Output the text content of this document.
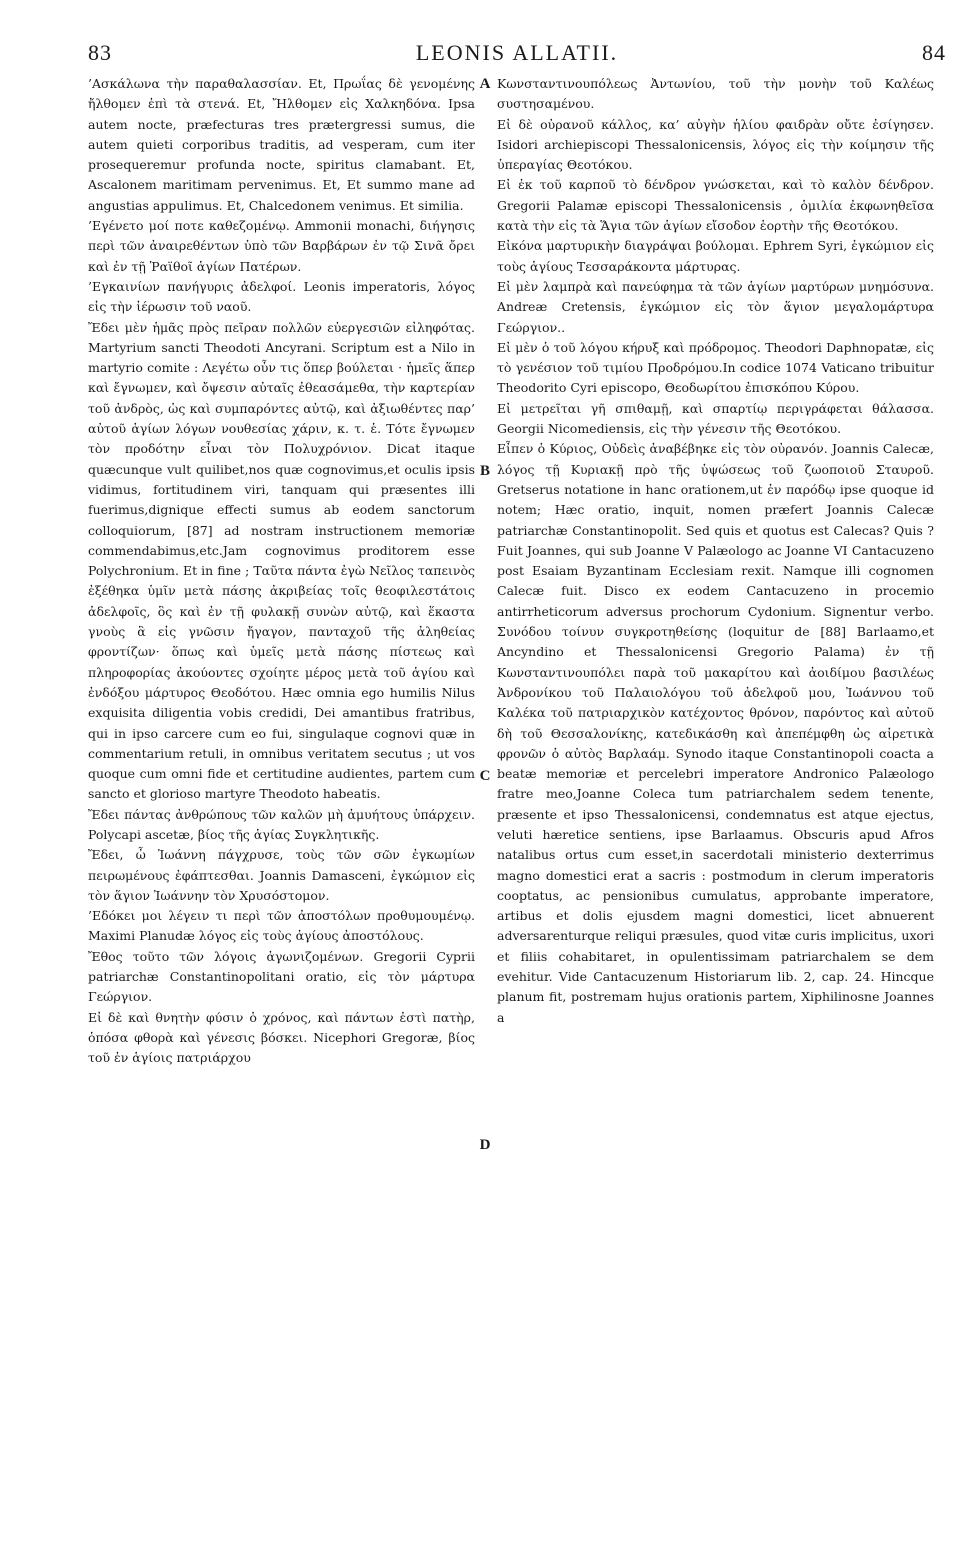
83	LEONIS ALLATII.	84

’Ασκάλωνα τὴν παραθαλασσίαν. Et, Πρωΐας δὲ γενομένης ἤλθομεν ἐπὶ τὰ στενά. Et, Ἤλθομεν εἰς Χαλκηδόνα. Ipsa autem nocte, præfecturas tres prætergressi sumus, die autem quieti corporibus traditis, ad vesperam, cum iter prosequeremur profunda nocte, spiritus clamabant. Et, Ascalonem maritimam pervenimus. Et, Et summo mane ad angustias appulimus. Et, Chalcedonem venimus. Et similia.

’Εγένετο μοί ποτε καθεζομένῳ. Ammonii monachi, διήγησις περὶ τῶν ἀναιρεθέντων ὑπὸ τῶν Βαρβάρων ἐν τῷ Σινᾶ ὄρει καὶ ἐν τῇ Ῥαϊθοῖ ἁγίων Πατέρων.

’Εγκαινίων πανήγυρις ἀδελφοί. Leonis imperatoris, λόγος εἰς τὴν ἱέρωσιν τοῦ ναοῦ.

Ἔδει μὲν ἡμᾶς πρὸς πεῖραν πολλῶν εὐεργεσιῶν εἰληφότας. Martyrium sancti Theodoti Ancyrani. Scriptum est a Nilo in martyrio comite : Λεγέτω οὖν τις ὅπερ βούλεται · ἡμεῖς ἅπερ καὶ ἔγνωμεν, καὶ ὄψεσιν αὐταῖς ἐθεασάμεθα, τὴν καρτερίαν τοῦ ἀνδρὸς, ὡς καὶ συμπαρόντες αὐτῷ, καὶ ἀξιωθέντες παρ’ αὐτοῦ ἁγίων λόγων νουθεσίας χάριν, κ. τ. ἑ. Τότε ἔγνωμεν τὸν προδότην εἶναι τὸν Πολυχρόνιον. Dicat itaque quæcunque vult quilibet,nos quæ cognovimus,et oculis ipsis vidimus, fortitudinem viri, tanquam qui præsentes illi fuerimus,dignique effecti sumus ab eodem sanctorum colloquiorum, [87] ad nostram instructionem memoriæ commendabimus,etc.Jam cognovimus proditorem esse Polychronium. Et in fine ; Ταῦτα πάντα ἐγὼ Νεῖλος ταπεινὸς ἐξέθηκα ὑμῖν μετὰ πάσης ἀκριβείας τοῖς θεοφιλεστάτοις ἀδελφοῖς, ὃς καὶ ἐν τῇ φυλακῇ συνὼν αὐτῷ, καὶ ἕκαστα γνοὺς ἃ εἰς γνῶσιν ἤγαγον, πανταχοῦ τῆς ἀληθείας φροντίζων· ὅπως καὶ ὑμεῖς μετὰ πάσης πίστεως καὶ πληροφορίας ἀκούοντες σχοίητε μέρος μετὰ τοῦ ἁγίου καὶ ἐνδόξου μάρτυρος Θεοδότου. Hæc omnia ego humilis Nilus exquisita diligentia vobis credidi, Dei amantibus fratribus, qui in ipso carcere cum eo fui, singulaque cognovi quæ in commentarium retuli, in omnibus veritatem secutus ; ut vos quoque cum omni fide et certitudine audientes, partem cum sancto et glorioso martyre Theodoto habeatis.

Ἔδει πάντας ἀνθρώπους τῶν καλῶν μὴ ἀμυήτους ὑπάρχειν. Polycapi ascetæ, βίος τῆς ἁγίας Συγκλητικῆς.

Ἔδει, ὦ Ἰωάννη πάγχρυσε, τοὺς τῶν σῶν ἐγκωμίων πειρωμένους ἐφάπτεσθαι. Joannis Damasceni, ἐγκώμιον εἰς τὸν ἅγιον Ἰωάννην τὸν Χρυσόστομον.

’Εδόκει μοι λέγειν τι περὶ τῶν ἀποστόλων προθυμουμένῳ. Maximi Planudæ λόγος εἰς τοὺς ἁγίους ἀποστόλους.

Ἔθος τοῦτο τῶν λόγοις ἀγωνιζομένων. Gregorii Cyprii patriarchæ Constantinopolitani oratio, εἰς τὸν μάρτυρα Γεώργιον.

Εἰ δὲ καὶ θνητὴν φύσιν ὁ χρόνος, καὶ πάντων ἐστὶ πατὴρ, ὁπόσα φθορὰ καὶ γένεσις βόσκει. Nicephori Gregoræ, βίος τοῦ ἐν ἁγίοις πατριάρχου

A
B
C
D

Κωνσταντινουπόλεως Ἀντωνίου, τοῦ τὴν μονὴν τοῦ Καλέως συστησαμένου.

Εἰ δὲ οὐρανοῦ κάλλος, κα’ αὐγὴν ἡλίου φαιδρὰν οὔτε ἐσίγησεν. Isidori archiepiscopi Thessalonicensis, λόγος εἰς τὴν κοίμησιν τῆς ὑπεραγίας Θεοτόκου.

Εἰ ἐκ τοῦ καρποῦ τὸ δένδρον γνώσκεται, καὶ τὸ καλὸν δένδρον. Gregorii Palamæ episcopi Thessalonicensis , ὁμιλία ἐκφωνηθεῖσα κατὰ τὴν εἰς τὰ Ἅγια τῶν ἁγίων εἴσοδον ἑορτὴν τῆς Θεοτόκου.

Εἰκόνα μαρτυρικὴν διαγράψαι βούλομαι. Ephrem Syri, ἐγκώμιον εἰς τοὺς ἁγίους Τεσσαράκοντα μάρτυρας.

Εἰ μὲν λαμπρὰ καὶ πανεύφημα τὰ τῶν ἁγίων μαρτύρων μνημόσυνα. Andreæ Cretensis, ἐγκώμιον εἰς τὸν ἅγιον μεγαλομάρτυρα Γεώργιον..

Εἰ μὲν ὁ τοῦ λόγου κήρυξ καὶ πρόδρομος. Theodori Daphnopatæ, εἰς τὸ γενέσιον τοῦ τιμίου Προδρόμου.In codice 1074 Vaticano tribuitur Theodorito Cyri episcopo, Θεοδωρίτου ἐπισκόπου Κύρου.

Εἰ μετρεῖται γῆ σπιθαμῇ, καὶ σπαρτίῳ περιγράφεται θάλασσα. Georgii Nicomediensis, εἰς τὴν γένεσιν τῆς Θεοτόκου.

Εἶπεν ὁ Κύριος, Οὐδεὶς ἀναβέβηκε εἰς τὸν οὐρανόν. Joannis Calecæ, λόγος τῇ Κυριακῇ πρὸ τῆς ὑψώσεως τοῦ ζωοποιοῦ Σταυροῦ. Gretserus notatione in hanc orationem,ut ἐν παρόδῳ ipse quoque id notem; Hæc oratio, inquit, nomen præfert Joannis Calecæ patriarchæ Constantinopolit. Sed quis et quotus est Calecas? Quis ? Fuit Joannes, qui sub Joanne V Palæologo ac Joanne VI Cantacuzeno post Esaiam Byzantinam Ecclesiam rexit. Namque illi cognomen Calecæ fuit. Disco ex eodem Cantacuzeno in procemio antirrheticorum adversus prochorum Cydonium. Signentur verbo. Συνόδου τοίνυν συγκροτηθείσης (loquitur de [88] Barlaamo,et Ancyndino et Thessalonicensi Gregorio Palama) ἐν τῇ Κωνσταντινουπόλει παρὰ τοῦ μακαρίτου καὶ ἀοιδίμου βασιλέως Ἀνδρονίκου τοῦ Παλαιολόγου τοῦ ἀδελφοῦ μου, Ἰωάννου τοῦ Καλέκα τοῦ πατριαρχικὸν κατέχοντος θρόνον, παρόντος καὶ αὐτοῦ δὴ τοῦ Θεσσαλονίκης, κατεδικάσθη καὶ ἀπεπέμφθη ὡς αἱρετικὰ φρονῶν ὁ αὐτὸς Βαρλαάμ. Synodo itaque Constantinopoli coacta a beatæ memoriæ et percelebri imperatore Andronico Palæologo fratre meo,Joanne Coleca tum patriarchalem sedem tenente, præsente et ipso Thessalonicensi, condemnatus est atque ejectus, veluti hæretice sentiens, ipse Barlaamus. Obscuris apud Afros natalibus ortus cum esset,in sacerdotali ministerio dexterrimus magno domestici erat a sacris : postmodum in clerum imperatoris cooptatus, ac pensionibus cumulatus, approbante imperatore, artibus et dolis ejusdem magni domestici, licet abnuerent adversarenturque reliqui præsules, quod vitæ curis implicitus, uxori et filiis cohabitaret, in opulentissimam patriarchalem se dem evehitur. Vide Cantacuzenum Historiarum lib. 2, cap. 24. Hincque planum fit, postremam hujus orationis partem, Xiphilinosne Joannes a
